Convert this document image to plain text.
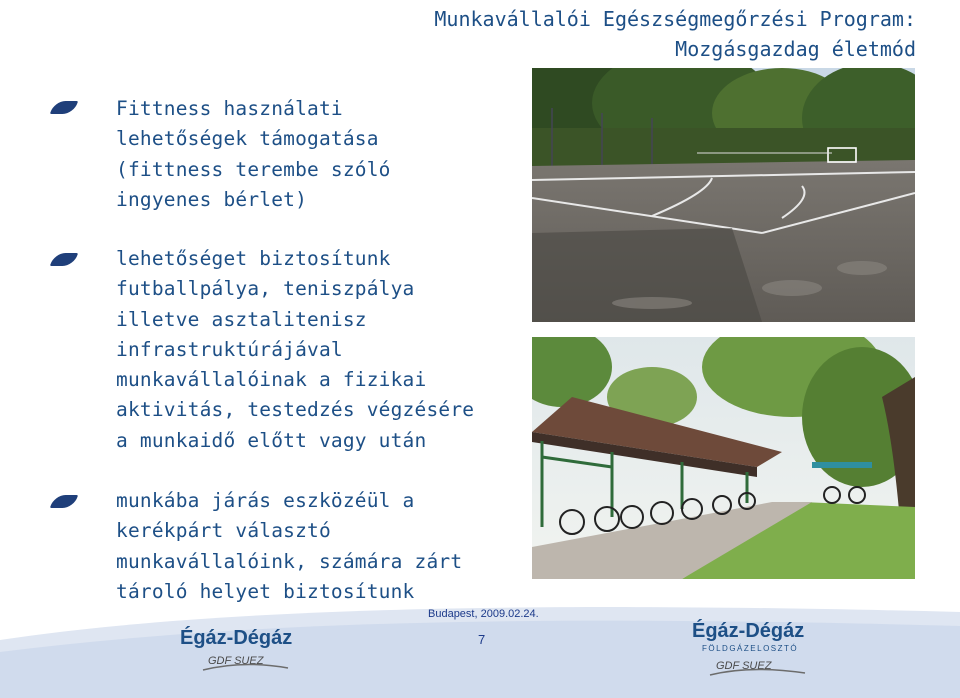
Munkavállalói Egészségmegőrzési Program:
Mozgásgazdag életmód
Fittness használati
lehetőségek támogatása
(fittness terembe szóló
ingyenes bérlet)
lehetőséget biztosítunk
futballpálya, teniszpálya
illetve asztalitenisz
infrastruktúrájával
munkavállalóinak a fizikai
aktivitás, testedzés végzésére
a munkaidő előtt vagy után
munkába járás eszközéül a
kerékpárt választó
munkavállalóink, számára zárt
tároló helyet biztosítunk
Budapest, 2009.02.24.
7
Égáz-Dégáz
GDF SUEZ
Égáz-Dégáz
FÖLDGÁZELOSZTÓ
GDF SUEZ
